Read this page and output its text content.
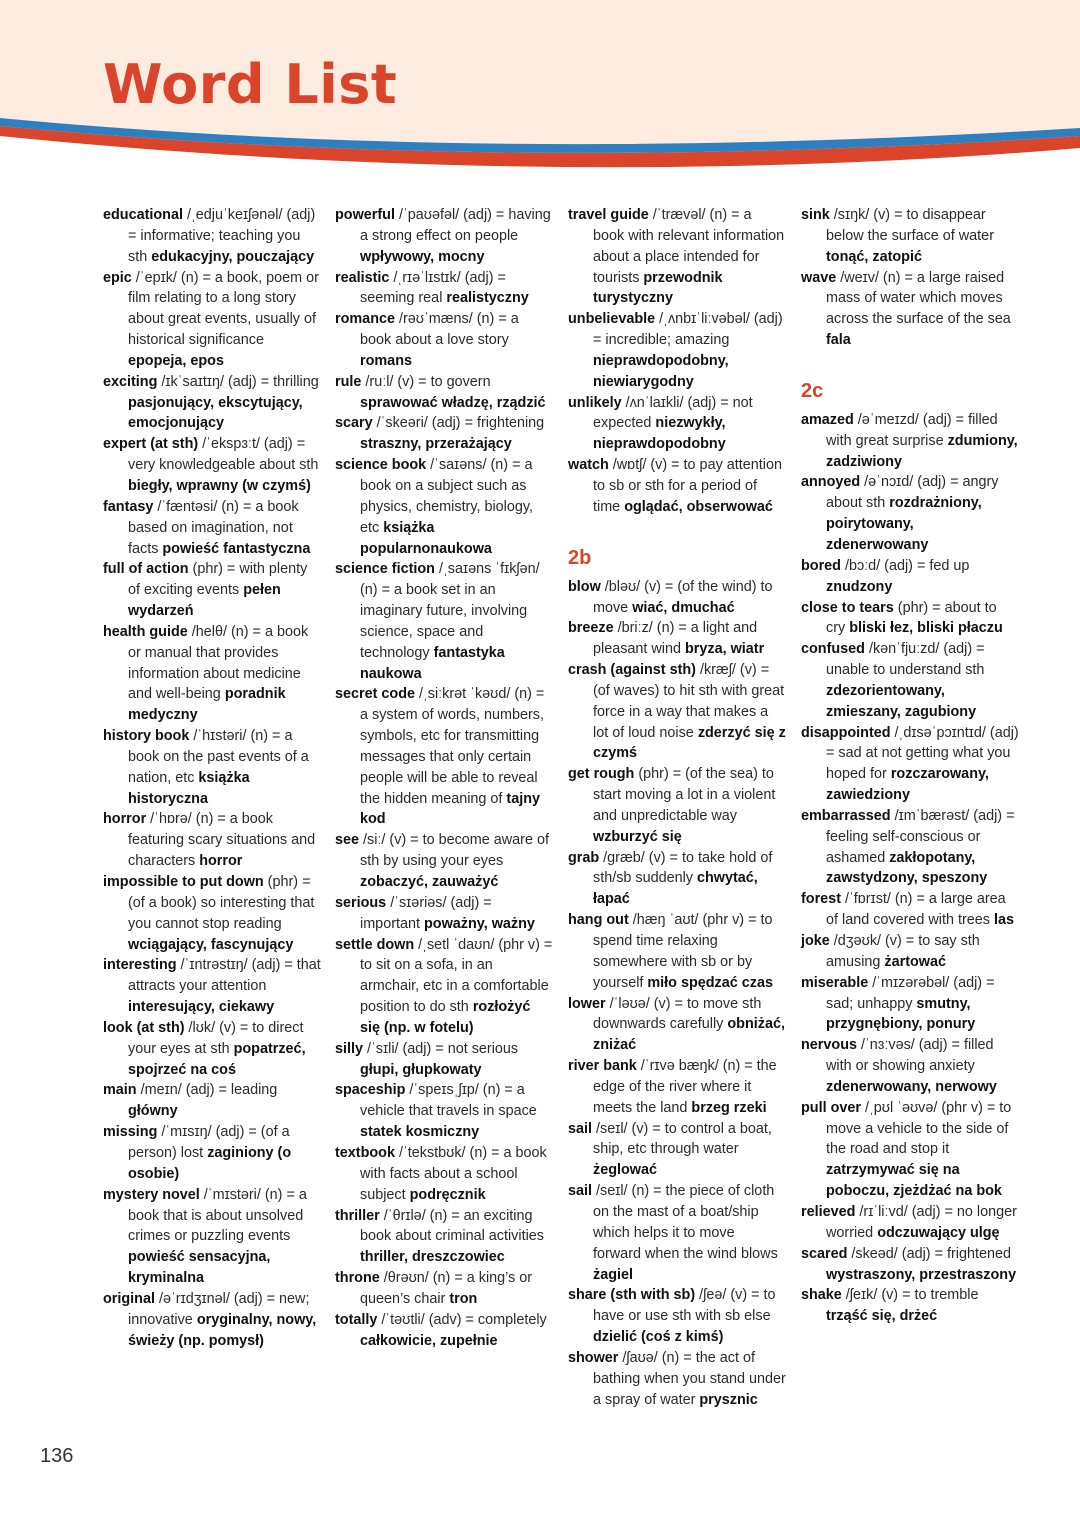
Word List
educational /ˌedjuˈkeɪʃənəl/ (adj) = informative; teaching you sth edukacyjny, pouczający
epic /ˈepɪk/ (n) = a book, poem or film relating to a long story about great events, usually of historical significance epopeja, epos
exciting /ɪkˈsaɪtɪŋ/ (adj) = thrilling pasjonujący, ekscytujący, emocjonujący
expert (at sth) /ˈekspɜːt/ (adj) = very knowledgeable about sth biegły, wprawny (w czymś)
fantasy /ˈfæntəsi/ (n) = a book based on imagination, not facts powieść fantastyczna
full of action (phr) = with plenty of exciting events pełen wydarzeń
health guide /helθ/ (n) = a book or manual that provides information about medicine and well-being poradnik medyczny
history book /ˈhɪstəri/ (n) = a book on the past events of a nation, etc książka historyczna
horror /ˈhɒrə/ (n) = a book featuring scary situations and characters horror
impossible to put down (phr) = (of a book) so interesting that you cannot stop reading wciągający, fascynujący
interesting /ˈɪntrəstɪŋ/ (adj) = that attracts your attention interesujący, ciekawy
look (at sth) /lʊk/ (v) = to direct your eyes at sth popatrzeć, spojrzeć na coś
main /meɪn/ (adj) = leading główny
missing /ˈmɪsɪŋ/ (adj) = (of a person) lost zaginiony (o osobie)
mystery novel /ˈmɪstəri/ (n) = a book that is about unsolved crimes or puzzling events powieść sensacyjna, kryminalna
original /əˈrɪdʒɪnəl/ (adj) = new; innovative oryginalny, nowy, świeży (np. pomysł)
powerful /ˈpaʊəfəl/ (adj) = having a strong effect on people wpływowy, mocny
realistic /ˌrɪəˈlɪstɪk/ (adj) = seeming real realistyczny
romance /rəʊˈmæns/ (n) = a book about a love story romans
rule /ruːl/ (v) = to govern sprawować władzę, rządzić
scary /ˈskeəri/ (adj) = frightening straszny, przerażający
science book /ˈsaɪəns/ (n) = a book on a subject such as physics, chemistry, biology, etc książka popularnonaukowa
science fiction /ˌsaɪəns ˈfɪkʃən/ (n) = a book set in an imaginary future, involving science, space and technology fantastyka naukowa
secret code /ˌsiːkrət ˈkəʊd/ (n) = a system of words, numbers, symbols, etc for transmitting messages that only certain people will be able to reveal the hidden meaning of tajny kod
see /siː/ (v) = to become aware of sth by using your eyes zobaczyć, zauważyć
serious /ˈsɪəriəs/ (adj) = important poważny, ważny
settle down /ˌsetl ˈdaʊn/ (phr v) = to sit on a sofa, in an armchair, etc in a comfortable position to do sth rozłożyć się (np. w fotelu)
silly /ˈsɪli/ (adj) = not serious głupi, głupkowaty
spaceship /ˈspeɪsˌʃɪp/ (n) = a vehicle that travels in space statek kosmiczny
textbook /ˈtekstbʊk/ (n) = a book with facts about a school subject podręcznik
thriller /ˈθrɪlə/ (n) = an exciting book about criminal activities thriller, dreszczowiec
throne /θrəʊn/ (n) = a king’s or queen’s chair tron
totally /ˈtəʊtli/ (adv) = completely całkowicie, zupełnie
travel guide /ˈtrævəl/ (n) = a book with relevant information about a place intended for tourists przewodnik turystyczny
unbelievable /ˌʌnbɪˈliːvəbəl/ (adj) = incredible; amazing nieprawdopodobny, niewiarygodny
unlikely /ʌnˈlaɪkli/ (adj) = not expected niezwykły, nieprawdopodobny
watch /wɒtʃ/ (v) = to pay attention to sb or sth for a period of time oglądać, obserwować
2b
blow /bləʊ/ (v) = (of the wind) to move wiać, dmuchać
breeze /briːz/ (n) = a light and pleasant wind bryza, wiatr
crash (against sth) /kræʃ/ (v) = (of waves) to hit sth with great force in a way that makes a lot of loud noise zderzyć się z czymś
get rough (phr) = (of the sea) to start moving a lot in a violent and unpredictable way wzburzyć się
grab /ɡræb/ (v) = to take hold of sth/sb suddenly chwytać, łapać
hang out /hæŋ ˈaʊt/ (phr v) = to spend time relaxing somewhere with sb or by yourself miło spędzać czas
lower /ˈləʊə/ (v) = to move sth downwards carefully obniżać, zniżać
river bank /ˈrɪvə bæŋk/ (n) = the edge of the river where it meets the land brzeg rzeki
sail /seɪl/ (v) = to control a boat, ship, etc through water żeglować
sail /seɪl/ (n) = the piece of cloth on the mast of a boat/ship which helps it to move forward when the wind blows żagiel
share (sth with sb) /ʃeə/ (v) = to have or use sth with sb else dzielić (coś z kimś)
shower /ʃaʊə/ (n) = the act of bathing when you stand under a spray of water prysznic
sink /sɪŋk/ (v) = to disappear below the surface of water tonąć, zatopić
wave /weɪv/ (n) = a large raised mass of water which moves across the surface of the sea fala
2c
amazed /əˈmeɪzd/ (adj) = filled with great surprise zdumiony, zadziwiony
annoyed /əˈnɔɪd/ (adj) = angry about sth rozdrażniony, poirytowany, zdenerwowany
bored /bɔːd/ (adj) = fed up znudzony
close to tears (phr) = about to cry bliski łez, bliski płaczu
confused /kənˈfjuːzd/ (adj) = unable to understand sth zdezorientowany, zmieszany, zagubiony
disappointed /ˌdɪsəˈpɔɪntɪd/ (adj) = sad at not getting what you hoped for rozczarowany, zawiedziony
embarrassed /ɪmˈbærəst/ (adj) = feeling self-conscious or ashamed zakłopotany, zawstydzony, speszony
forest /ˈfɒrɪst/ (n) = a large area of land covered with trees las
joke /dʒəʊk/ (v) = to say sth amusing żartować
miserable /ˈmɪzərəbəl/ (adj) = sad; unhappy smutny, przygnębiony, ponury
nervous /ˈnɜːvəs/ (adj) = filled with or showing anxiety zdenerwowany, nerwowy
pull over /ˌpʊl ˈəʊvə/ (phr v) = to move a vehicle to the side of the road and stop it zatrzymywać się na poboczu, zjeżdżać na bok
relieved /rɪˈliːvd/ (adj) = no longer worried odczuwający ulgę
scared /skeəd/ (adj) = frightened wystraszony, przestraszony
shake /ʃeɪk/ (v) = to tremble trząść się, drżeć
136
